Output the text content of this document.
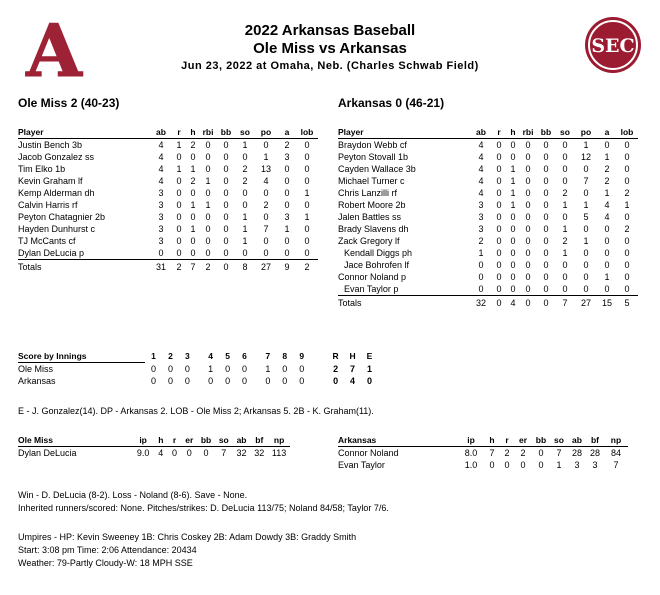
A	SEC
2022 Arkansas Baseball
Ole Miss vs Arkansas
Jun 23, 2022 at Omaha, Neb. (Charles Schwab Field)
Ole Miss 2 (40-23)	Arkansas 0 (46-21)
Player	ab	r	h	rbi	bb	so	po	a	lob
Justin Bench 3b	4	1	2	0	0	1	0	2	0
Jacob Gonzalez ss	4	0	0	0	0	0	1	3	0
Tim Elko 1b	4	1	1	0	0	2	13	0	0
Kevin Graham lf	4	0	2	1	0	2	4	0	0
Kemp Alderman dh	3	0	0	0	0	0	0	0	1
Calvin Harris rf	3	0	1	1	0	0	2	0	0
Peyton Chatagnier 2b	3	0	0	0	0	1	0	3	1
Hayden Dunhurst c	3	0	1	0	0	1	7	1	0
TJ McCants cf	3	0	0	0	0	1	0	0	0
Dylan DeLucia p	0	0	0	0	0	0	0	0	0
Totals	31	2	7	2	0	8	27	9	2
Player	ab	r	h	rbi	bb	so	po	a	lob
Braydon Webb cf	4	0	0	0	0	0	1	0	0
Peyton Stovall 1b	4	0	0	0	0	0	12	1	0
Cayden Wallace 3b	4	0	1	0	0	0	0	2	0
Michael Turner c	4	0	1	0	0	0	7	2	0
Chris Lanzilli rf	4	0	1	0	0	2	0	1	2
Robert Moore 2b	3	0	1	0	0	1	1	4	1
Jalen Battles ss	3	0	0	0	0	0	5	4	0
Brady Slavens dh	3	0	0	0	0	1	0	0	2
Zack Gregory lf	2	0	0	0	0	2	1	0	0
Kendall Diggs ph	1	0	0	0	0	1	0	0	0
Jace Bohrofen lf	0	0	0	0	0	0	0	0	0
Connor Noland p	0	0	0	0	0	0	0	1	0
Evan Taylor p	0	0	0	0	0	0	0	0	0
Totals	32	0	4	0	0	7	27	15	5
Score by Innings	1	2	3		4	5	6		7	8	9		R	H	E
Ole Miss	0	0	0		1	0	0		1	0	0		2	7	1
Arkansas	0	0	0		0	0	0		0	0	0		0	4	0
E - J. Gonzalez(14). DP - Arkansas 2. LOB - Ole Miss 2; Arkansas 5. 2B - K. Graham(11).
Ole Miss	ip	h	r	er	bb	so	ab	bf	np
Dylan DeLucia	9.0	4	0	0	0	7	32	32	113
Arkansas	ip	h	r	er	bb	so	ab	bf	np
Connor Noland	8.0	7	2	2	0	7	28	28	84
Evan Taylor	1.0	0	0	0	0	1	3	3	7
Win - D. DeLucia (8-2). Loss - Noland (8-6). Save - None.
Inherited runners/scored: None. Pitches/strikes: D. DeLucia 113/75; Noland 84/58; Taylor 7/6.
Umpires - HP: Kevin Sweeney 1B: Chris Coskey 2B: Adam Dowdy 3B: Graddy Smith
Start: 3:08 pm Time: 2:06 Attendance: 20434
Weather: 79-Partly Cloudy-W: 18 MPH SSE
